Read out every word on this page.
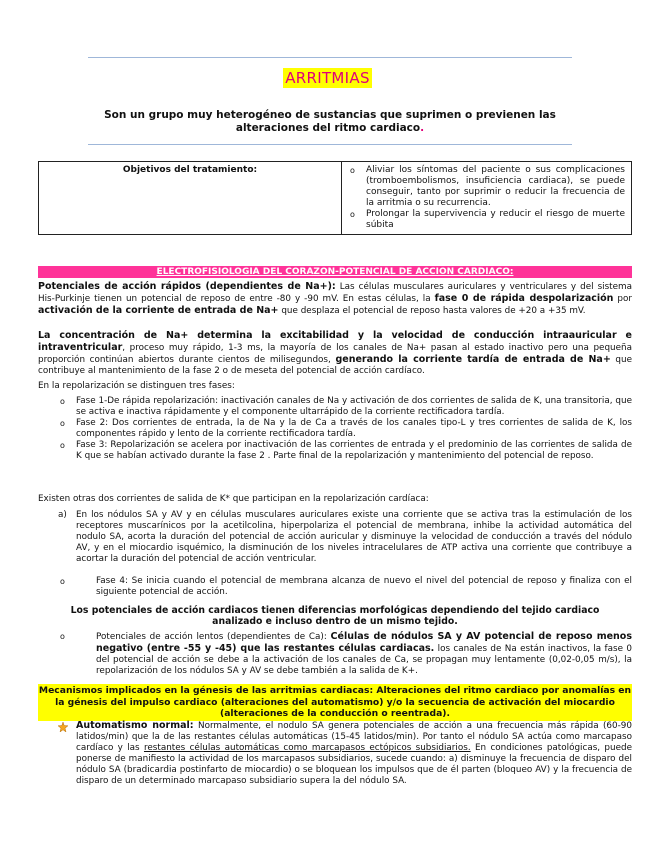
ARRITMIAS
Son un grupo muy heterogéneo de sustancias que suprimen o previenen las alteraciones del ritmo cardiaco.
Objetivos del tratamiento:	
oAliviar los síntomas del paciente o sus complicaciones (tromboembolismos, insuficiencia cardiaca), se puede conseguir, tanto por suprimir o reducir la frecuencia de la arritmia o su recurrencia.
o Prolongar la supervivencia y reducir el riesgo de muerte súbita
ELECTROFISIOLOGIA DEL CORAZON-POTENCIAL DE ACCION CARDIACO:
Potenciales de acción rápidos (dependientes de Na+): Las células musculares auriculares y ventriculares y del sistema His-Purkinje tienen un potencial de reposo de entre -80 y -90 mV. En estas células, la fase 0 de rápida despolarización por activación de la corriente de entrada de Na+ que desplaza el potencial de reposo hasta valores de +20 a +35 mV.
La concentración de Na+ determina la excitabilidad y la velocidad de conducción intraauricular e intraventricular, proceso muy rápido, 1-3 ms, la mayoría de los canales de Na+ pasan al estado inactivo pero una pequeña proporción continúan abiertos durante cientos de milisegundos, generando la corriente tardía de entrada de Na+ que contribuye al mantenimiento de la fase 2 o de meseta del potencial de acción cardíaco.
En la repolarización se distinguen tres fases:
o Fase 1-De rápida repolarización: inactivación canales de Na y activación de dos corrientes de salida de K, una transitoria, que se activa e inactiva rápidamente y el componente ultarrápido de la corriente rectificadora tardía.
o Fase 2: Dos corrientes de entrada, la de Na y la de Ca a través de los canales tipo-L y tres corrientes de salida de K, los componentes rápido y lento de la corriente rectificadora tardía.
o Fase 3: Repolarización se acelera por inactivación de las corrientes de entrada y el predominio de las corrientes de salida de K que se habían activado durante la fase 2 . Parte final de la repolarización y mantenimiento del potencial de reposo.
Existen otras dos corrientes de salida de K* que participan en la repolarización cardíaca:
a) En los nódulos SA y AV y en células musculares auriculares existe una corriente que se activa tras la estimulación de los receptores muscarínicos por la acetilcolina, hiperpolariza el potencial de membrana, inhibe la actividad automática del nodulo SA, acorta la duración del potencial de acción auricular y disminuye la velocidad de conducción a través del nódulo AV, y en el miocardio isquémico, la disminución de los niveles intracelulares de ATP activa una corriente que contribuye a acortar la duración del potencial de acción ventricular.
o Fase 4: Se inicia cuando el potencial de membrana alcanza de nuevo el nivel del potencial de reposo y finaliza con el siguiente potencial de acción.
Los potenciales de acción cardiacos tienen diferencias morfológicas dependiendo del tejido cardiaco analizado e incluso dentro de un mismo tejido.
o Potenciales de acción lentos (dependientes de Ca): Células de nódulos SA y AV potencial de reposo menos negativo (entre -55 y -45) que las restantes células cardiacas. los canales de Na están inactivos, la fase 0 del potencial de acción se debe a la activación de los canales de Ca, se propagan muy lentamente (0,02-0,05 m/s), la repolarización de los nódulos SA y AV se debe también a la salida de K+.
Mecanismos implicados en la génesis de las arritmias cardiacas: Alteraciones del ritmo cardiaco por anomalías en la génesis del impulso cardiaco (alteraciones del automatismo) y/o la secuencia de activación del miocardio (alteraciones de la conducción o reentrada).
Automatismo normal: Normalmente, el nodulo SA genera potenciales de acción a una frecuencia más rápida (60-90 latidos/min) que la de las restantes células automáticas (15-45 latidos/min). Por tanto el nódulo SA actúa como marcapaso cardíaco y las restantes células automáticas como marcapasos ectópicos subsidiarios. En condiciones patológicas, puede ponerse de manifiesto la actividad de los marcapasos subsidiarios, sucede cuando: a) disminuye la frecuencia de disparo del nódulo SA (bradicardia postinfarto de miocardio) o se bloquean los impulsos que de él parten (bloqueo AV) y la frecuencia de disparo de un determinado marcapaso subsidiario supera la del nódulo SA.
